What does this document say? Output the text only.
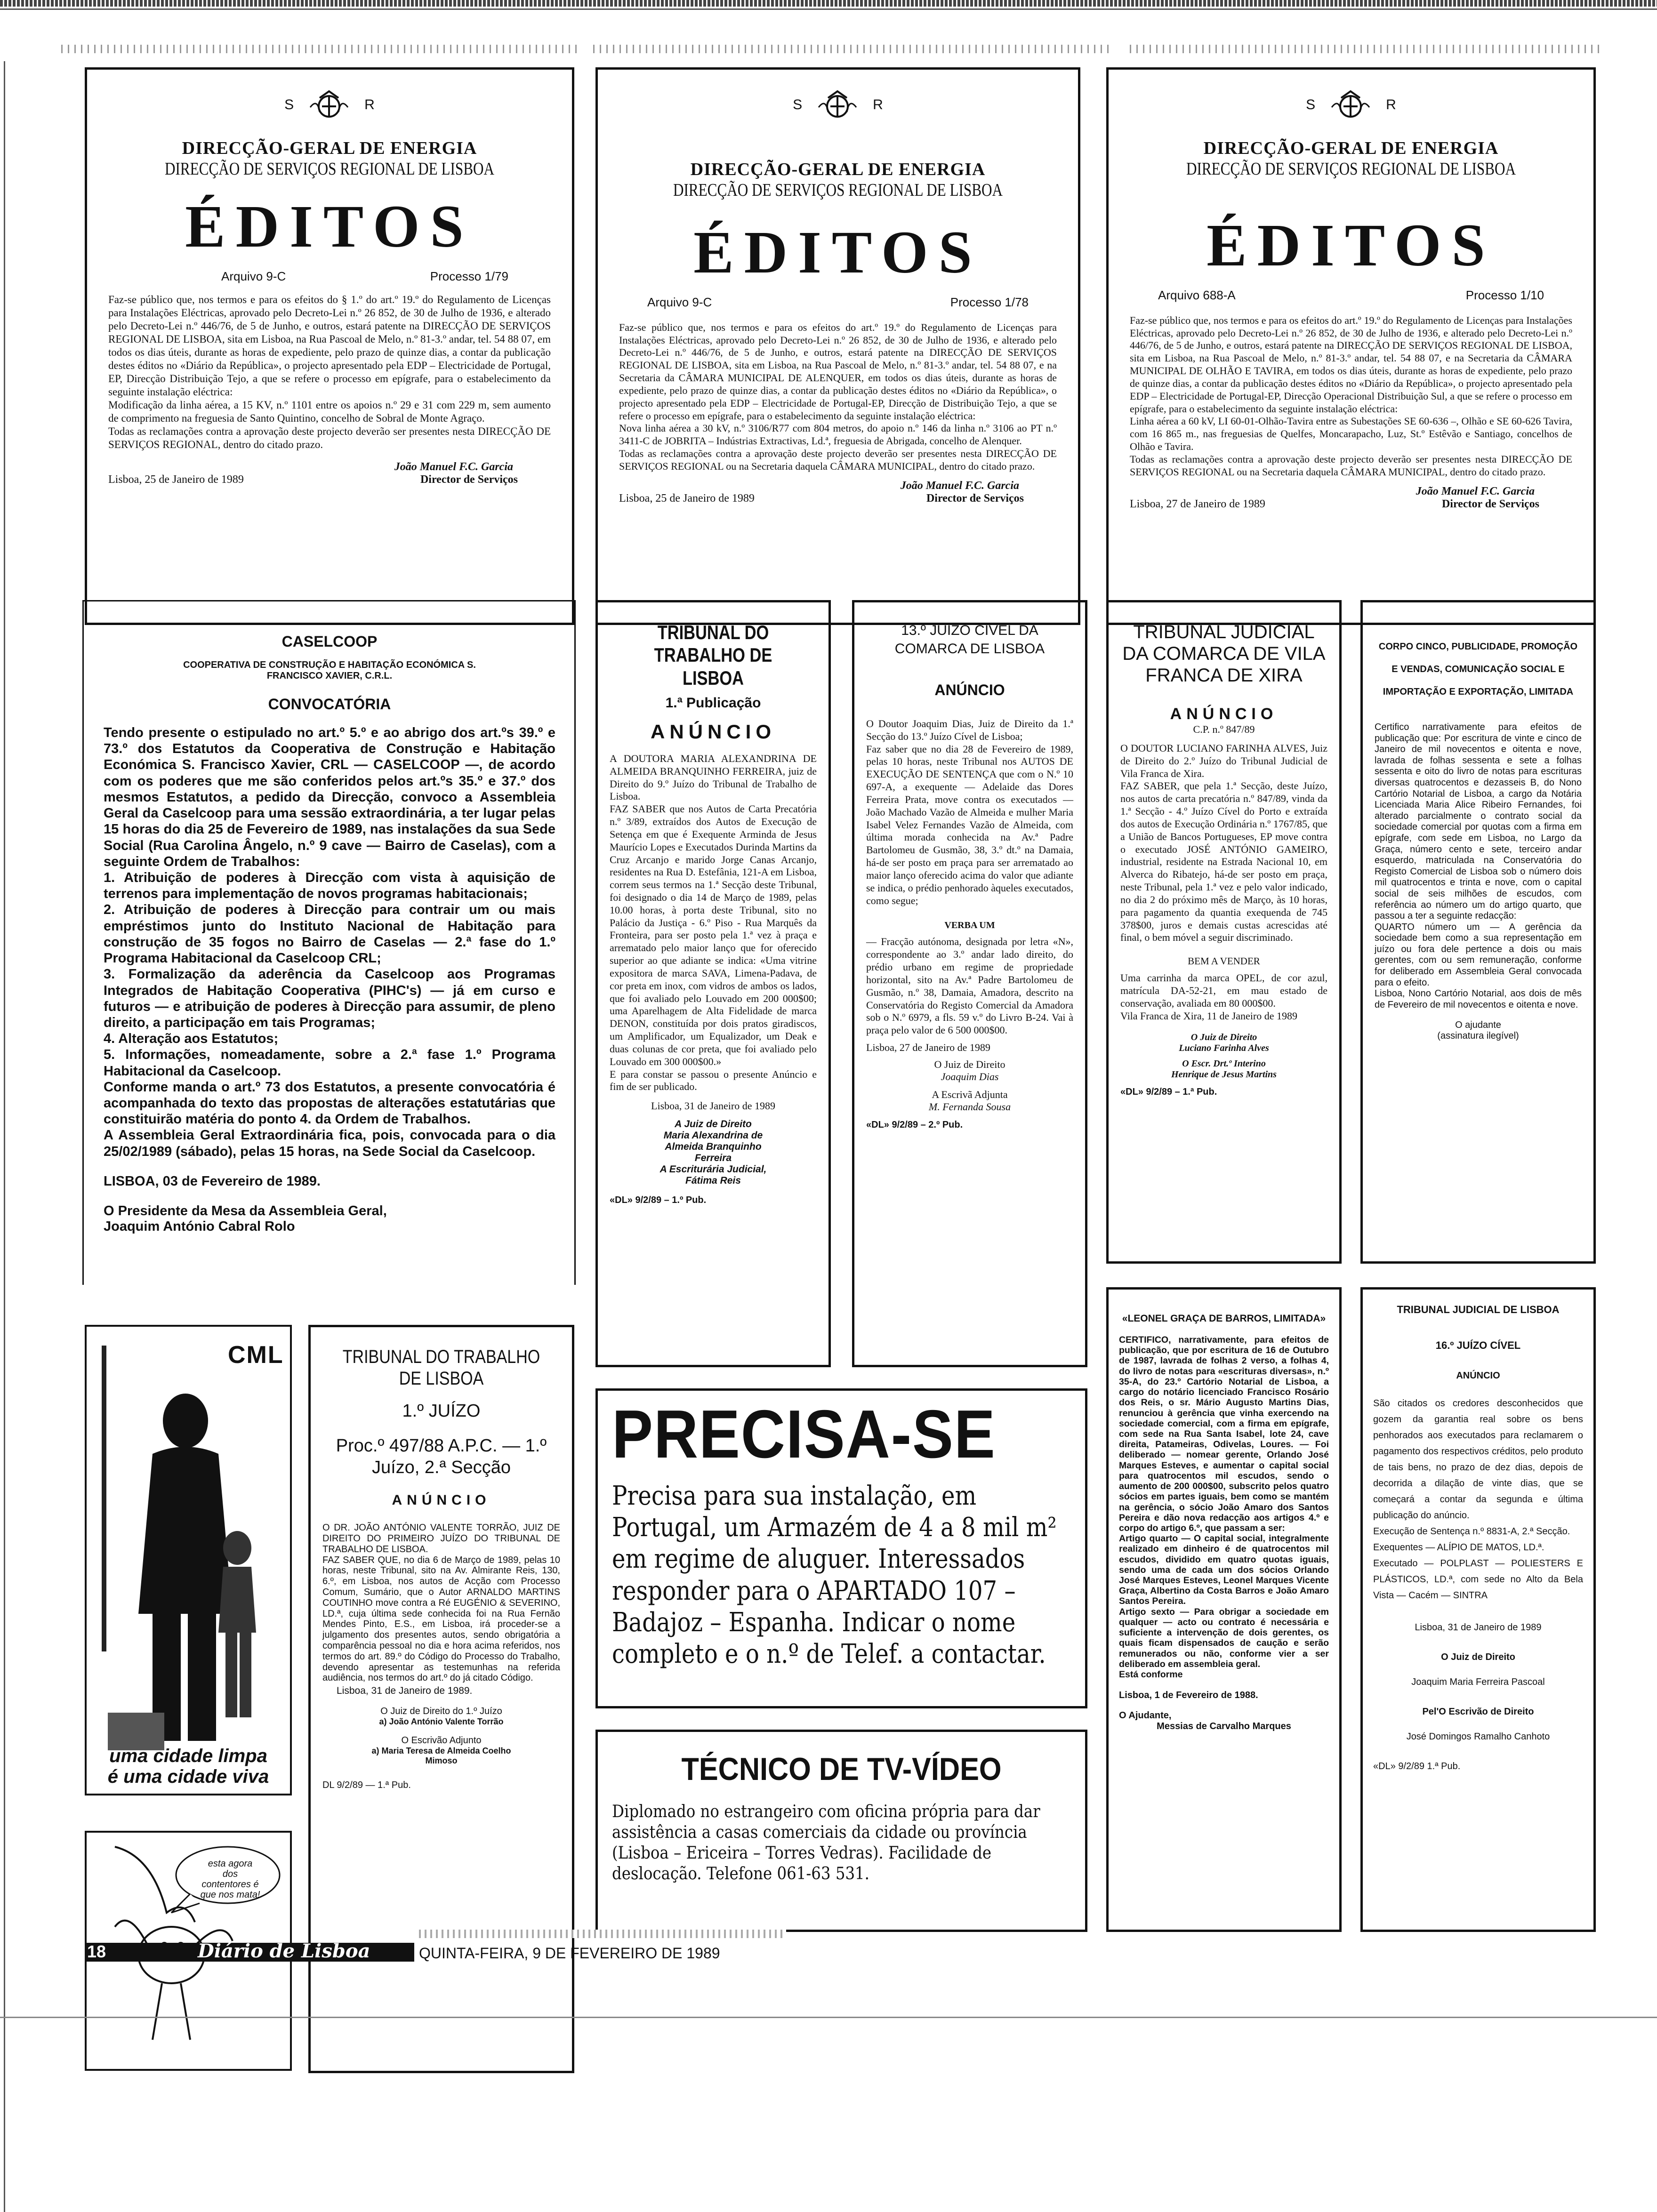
S	R
DIRECÇÃO-GERAL DE ENERGIA
DIRECÇÃO DE SERVIÇOS REGIONAL DE LISBOA
ÉDITOS
Arquivo 9-C	Processo 1/79
Faz-se público que, nos termos e para os efeitos do § 1.º do art.º 19.º do Regulamento de Licenças para Instalações Eléctricas, aprovado pelo Decreto-Lei n.º 26 852, de 30 de Julho de 1936, e alterado pelo Decreto-Lei n.º 446/76, de 5 de Junho, e outros, estará patente na DIRECÇÃO DE SERVIÇOS REGIONAL DE LISBOA, sita em Lisboa, na Rua Pascoal de Melo, n.º 81-3.º andar, tel. 54 88 07, em todos os dias úteis, durante as horas de expediente, pelo prazo de quinze dias, a contar da publicação destes éditos no «Diário da República», o projecto apresentado pela EDP – Electricidade de Portugal, EP, Direcção Distribuição Tejo, a que se refere o processo em epígrafe, para o estabelecimento da seguinte instalação eléctrica:
Modificação da linha aérea, a 15 KV, n.º 1101 entre os apoios n.º 29 e 31 com 229 m, sem aumento de comprimento na freguesia de Santo Quintino, concelho de Sobral de Monte Agraço.
Todas as reclamações contra a aprovação deste projecto deverão ser presentes nesta DIRECÇÃO DE SERVIÇOS REGIONAL, dentro do citado prazo.
João Manuel F.C. Garcia
Lisboa, 25 de Janeiro de 1989	Director de Serviços
S	R
DIRECÇÃO-GERAL DE ENERGIA
DIRECÇÃO DE SERVIÇOS REGIONAL DE LISBOA
ÉDITOS
Arquivo 9-C	Processo 1/78
Faz-se público que, nos termos e para os efeitos do art.º 19.º do Regulamento de Licenças para Instalações Eléctricas, aprovado pelo Decreto-Lei n.º 26 852, de 30 de Julho de 1936, e alterado pelo Decreto-Lei n.º 446/76, de 5 de Junho, e outros, estará patente na DIRECÇÃO DE SERVIÇOS REGIONAL DE LISBOA, sita em Lisboa, na Rua Pascoal de Melo, n.º 81-3.º andar, tel. 54 88 07, e na Secretaria da CÂMARA MUNICIPAL DE ALENQUER, em todos os dias úteis, durante as horas de expediente, pelo prazo de quinze dias, a contar da publicação destes éditos no «Diário da República», o projecto apresentado pela EDP – Electricidade de Portugal-EP, Direcção de Distribuição Tejo, a que se refere o processo em epígrafe, para o estabelecimento da seguinte instalação eléctrica:
Nova linha aérea a 30 kV, n.º 3106/R77 com 804 metros, do apoio n.º 146 da linha n.º 3106 ao PT n.º 3411-C de JOBRITA – Indústrias Extractivas, Ld.ª, freguesia de Abrigada, concelho de Alenquer.
Todas as reclamações contra a aprovação deste projecto deverão ser presentes nesta DIRECÇÃO DE SERVIÇOS REGIONAL ou na Secretaria daquela CÂMARA MUNICIPAL, dentro do citado prazo.
João Manuel F.C. Garcia
Lisboa, 25 de Janeiro de 1989	Director de Serviços
S	R
DIRECÇÃO-GERAL DE ENERGIA
DIRECÇÃO DE SERVIÇOS REGIONAL DE LISBOA
ÉDITOS
Arquivo 688-A	Processo 1/10
Faz-se público que, nos termos e para os efeitos do art.º 19.º do Regulamento de Licenças para Instalações Eléctricas, aprovado pelo Decreto-Lei n.º 26 852, de 30 de Julho de 1936, e alterado pelo Decreto-Lei n.º 446/76, de 5 de Junho, e outros, estará patente na DIRECÇÃO DE SERVIÇOS REGIONAL DE LISBOA, sita em Lisboa, na Rua Pascoal de Melo, n.º 81-3.º andar, tel. 54 88 07, e na Secretaria da CÂMARA MUNICIPAL DE OLHÃO E TAVIRA, em todos os dias úteis, durante as horas de expediente, pelo prazo de quinze dias, a contar da publicação destes éditos no «Diário da República», o projecto apresentado pela EDP – Electricidade de Portugal-EP, Direcção Operacional Distribuição Sul, a que se refere o processo em epígrafe, para o estabelecimento da seguinte instalação eléctrica:
Linha aérea a 60 kV, LI 60-01-Olhão-Tavira entre as Subestações SE 60-636 –, Olhão e SE 60-626 Tavira, com 16 865 m., nas freguesias de Quelfes, Moncarapacho, Luz, St.º Estêvão e Santiago, concelhos de Olhão e Tavira.
Todas as reclamações contra a aprovação deste projecto deverão ser presentes nesta DIRECÇÃO DE SERVIÇOS REGIONAL ou na Secretaria daquela CÂMARA MUNICIPAL, dentro do citado prazo.
João Manuel F.C. Garcia
Lisboa, 27 de Janeiro de 1989	Director de Serviços
CASELCOOP
COOPERATIVA DE CONSTRUÇÃO E HABITAÇÃO ECONÓMICA S. FRANCISCO XAVIER, C.R.L.
CONVOCATÓRIA
Tendo presente o estipulado no art.º 5.º e ao abrigo dos art.ºs 39.º e 73.º dos Estatutos da Cooperativa de Construção e Habitação Económica S. Francisco Xavier, CRL — CASELCOOP —, de acordo com os poderes que me são conferidos pelos art.ºs 35.º e 37.º dos mesmos Estatutos, a pedido da Direcção, convoco a Assembleia Geral da Caselcoop para uma sessão extraordinária, a ter lugar pelas 15 horas do dia 25 de Fevereiro de 1989, nas instalações da sua Sede Social (Rua Carolina Ângelo, n.º 9 cave — Bairro de Caselas), com a seguinte Ordem de Trabalhos:
1. Atribuição de poderes à Direcção com vista à aquisição de terrenos para implementação de novos programas habitacionais;
2. Atribuição de poderes à Direcção para contrair um ou mais empréstimos junto do Instituto Nacional de Habitação para construção de 35 fogos no Bairro de Caselas — 2.ª fase do 1.º Programa Habitacional da Caselcoop CRL;
3. Formalização da aderência da Caselcoop aos Programas Integrados de Habitação Cooperativa (PIHC's) — já em curso e futuros — e atribuição de poderes à Direcção para assumir, de pleno direito, a participação em tais Programas;
4. Alteração aos Estatutos;
5. Informações, nomeadamente, sobre a 2.ª fase 1.º Programa Habitacional da Caselcoop.
Conforme manda o art.º 73 dos Estatutos, a presente convocatória é acompanhada do texto das propostas de alterações estatutárias que constituirão matéria do ponto 4. da Ordem de Trabalhos.
A Assembleia Geral Extraordinária fica, pois, convocada para o dia 25/02/1989 (sábado), pelas 15 horas, na Sede Social da Caselcoop.
LISBOA, 03 de Fevereiro de 1989.
O Presidente da Mesa da Assembleia Geral,
Joaquim António Cabral Rolo
TRIBUNAL DO TRABALHO DE LISBOA
1.ª Publicação
ANÚNCIO
A DOUTORA MARIA ALEXANDRINA DE ALMEIDA BRANQUINHO FERREIRA, juiz de Direito do 9.º Juízo do Tribunal de Trabalho de Lisboa.
FAZ SABER que nos Autos de Carta Precatória n.º 3/89, extraídos dos Autos de Execução de Setença em que é Exequente Arminda de Jesus Maurício Lopes e Executados Durinda Martins da Cruz Arcanjo e marido Jorge Canas Arcanjo, residentes na Rua D. Estefânia, 121-A em Lisboa, correm seus termos na 1.ª Secção deste Tribunal, foi designado o dia 14 de Março de 1989, pelas 10.00 horas, à porta deste Tribunal, sito no Palácio da Justiça - 6.º Piso - Rua Marquês da Fronteira, para ser posto pela 1.ª vez à praça e arrematado pelo maior lanço que for oferecido superior ao que adiante se indica: «Uma vitrine expositora de marca SAVA, Limena-Padava, de cor preta em inox, com vidros de ambos os lados, que foi avaliado pelo Louvado em 200 000$00; uma Aparelhagem de Alta Fidelidade de marca DENON, constituída por dois pratos giradiscos, um Amplificador, um Equalizador, um Deak e duas colunas de cor preta, que foi avaliado pelo Louvado em 300 000$00.»
E para constar se passou o presente Anúncio e fim de ser publicado.
Lisboa, 31 de Janeiro de 1989
A Juiz de Direito
Maria Alexandrina de Almeida Branquinho Ferreira
A Escriturária Judicial,
Fátima Reis
«DL» 9/2/89 – 1.º Pub.
13.º JUÍZO CÍVEL DA COMARCA DE LISBOA
ANÚNCIO
O Doutor Joaquim Dias, Juiz de Direito da 1.ª Secção do 13.º Juízo Cível de Lisboa;
Faz saber que no dia 28 de Fevereiro de 1989, pelas 10 horas, neste Tribunal nos AUTOS DE EXECUÇÃO DE SENTENÇA que com o N.º 10 697-A, a exequente — Adelaide das Dores Ferreira Prata, move contra os executados — João Machado Vazão de Almeida e mulher Maria Isabel Velez Fernandes Vazão de Almeida, com última morada conhecida na Av.ª Padre Bartolomeu de Gusmão, 38, 3.º dt.º na Damaia, há-de ser posto em praça para ser arrematado ao maior lanço oferecido acima do valor que adiante se indica, o prédio penhorado àqueles executados, como segue;
VERBA UM
— Fracção autónoma, designada por letra «N», correspondente ao 3.º andar lado direito, do prédio urbano em regime de propriedade horizontal, sito na Av.ª Padre Bartolomeu de Gusmão, n.º 38, Damaia, Amadora, descrito na Conservatória do Registo Comercial da Amadora sob o N.º 6979, a fls. 59 v.º do Livro B-24. Vai à praça pelo valor de 6 500 000$00.
Lisboa, 27 de Janeiro de 1989
O Juiz de Direito
Joaquim Dias
A Escrivã Adjunta
M. Fernanda Sousa
«DL» 9/2/89 – 2.º Pub.
TRIBUNAL JUDICIAL DA COMARCA DE VILA FRANCA DE XIRA
ANÚNCIO
C.P. n.º 847/89
O DOUTOR LUCIANO FARINHA ALVES, Juiz de Direito do 2.º Juízo do Tribunal Judicial de Vila Franca de Xira.
FAZ SABER, que pela 1.ª Secção, deste Juízo, nos autos de carta precatória n.º 847/89, vinda da 1.ª Secção - 4.º Juízo Cível do Porto e extraída dos autos de Execução Ordinária n.º 1767/85, que a União de Bancos Portugueses, EP move contra o executado JOSÉ ANTÓNIO GAMEIRO, industrial, residente na Estrada Nacional 10, em Alverca do Ribatejo, há-de ser posto em praça, neste Tribunal, pela 1.ª vez e pelo valor indicado, no dia 2 do próximo mês de Março, às 10 horas, para pagamento da quantia exequenda de 745 378$00, juros e demais custas acrescidas até final, o bem móvel a seguir discriminado.
BEM A VENDER
Uma carrinha da marca OPEL, de cor azul, matrícula DA-52-21, em mau estado de conservação, avaliada em 80 000$00.
Vila Franca de Xira, 11 de Janeiro de 1989
O Juiz de Direito
Luciano Farinha Alves
O Escr. Drt.º Interino
Henrique de Jesus Martins
«DL» 9/2/89 – 1.ª Pub.
CORPO CINCO, PUBLICIDADE, PROMOÇÃO E VENDAS, COMUNICAÇÃO SOCIAL E IMPORTAÇÃO E EXPORTAÇÃO, LIMITADA
Certifico narrativamente para efeitos de publicação que: Por escritura de vinte e cinco de Janeiro de mil novecentos e oitenta e nove, lavrada de folhas sessenta e sete a folhas sessenta e oito do livro de notas para escrituras diversas quatrocentos e dezasseis B, do Nono Cartório Notarial de Lisboa, a cargo da Notária Licenciada Maria Alice Ribeiro Fernandes, foi alterado parcialmente o contrato social da sociedade comercial por quotas com a firma em epígrafe, com sede em Lisboa, no Largo da Graça, número cento e sete, terceiro andar esquerdo, matriculada na Conservatória do Registo Comercial de Lisboa sob o número dois mil quatrocentos e trinta e nove, com o capital social de seis milhões de escudos, com referência ao número um do artigo quarto, que passou a ter a seguinte redacção:
QUARTO número um — A gerência da sociedade bem como a sua representação em juízo ou fora dele pertence a dois ou mais gerentes, com ou sem remuneração, conforme for deliberado em Assembleia Geral convocada para o efeito.
Lisboa, Nono Cartório Notarial, aos dois de mês de Fevereiro de mil novecentos e oitenta e nove.
O ajudante
(assinatura ilegível)
CML
uma cidade limpa
é uma cidade viva
esta agora dos contentores é que nos mata!
TRIBUNAL DO TRABALHO DE LISBOA
1.º JUÍZO
Proc.º 497/88 A.P.C. — 1.º Juízo, 2.ª Secção
ANÚNCIO
O DR. JOÃO ANTÓNIO VALENTE TORRÃO, JUIZ DE DIREITO DO PRIMEIRO JUÍZO DO TRIBUNAL DE TRABALHO DE LISBOA.
FAZ SABER QUE, no dia 6 de Março de 1989, pelas 10 horas, neste Tribunal, sito na Av. Almirante Reis, 130, 6.º, em Lisboa, nos autos de Acção com Processo Comum, Sumário, que o Autor ARNALDO MARTINS COUTINHO move contra a Ré EUGÉNIO & SEVERINO, LD.ª, cuja última sede conhecida foi na Rua Fernão Mendes Pinto, E.S., em Lisboa, irá proceder-se a julgamento dos presentes autos, sendo obrigatória a comparência pessoal no dia e hora acima referidos, nos termos do art. 89.º do Código do Processo do Trabalho, devendo apresentar as testemunhas na referida audiência, nos termos do art.º do já citado Código.
Lisboa, 31 de Janeiro de 1989.
O Juiz de Direito do 1.º Juízo
a) João António Valente Torrão
O Escrivão Adjunto
a) Maria Teresa de Almeida Coelho Mimoso
DL 9/2/89 — 1.ª Pub.
PRECISA-SE
Precisa para sua instalação, em Portugal, um Armazém de 4 a 8 mil m² em regime de aluguer. Interessados responder para o APARTADO 107 – Badajoz – Espanha. Indicar o nome completo e o n.º de Telef. a contactar.
TÉCNICO DE TV-VÍDEO
Diplomado no estrangeiro com oficina própria para dar assistência a casas comerciais da cidade ou província (Lisboa – Ericeira – Torres Vedras). Facilidade de deslocação. Telefone 061-63 531.
«LEONEL GRAÇA DE BARROS, LIMITADA»
CERTIFICO, narrativamente, para efeitos de publicação, que por escritura de 16 de Outubro de 1987, lavrada de folhas 2 verso, a folhas 4, do livro de notas para «escrituras diversas», n.º 35-A, do 23.º Cartório Notarial de Lisboa, a cargo do notário licenciado Francisco Rosário dos Reis, o sr. Mário Augusto Martins Dias, renunciou à gerência que vinha exercendo na sociedade comercial, com a firma em epígrafe, com sede na Rua Santa Isabel, lote 24, cave direita, Patameiras, Odivelas, Loures. — Foi deliberado — nomear gerente, Orlando José Marques Esteves, e aumentar o capital social para quatrocentos mil escudos, sendo o aumento de 200 000$00, subscrito pelos quatro sócios em partes iguais, bem como se mantém na gerência, o sócio João Amaro dos Santos Pereira e dão nova redacção aos artigos 4.º e corpo do artigo 6.º, que passam a ser:
Artigo quarto — O capital social, integralmente realizado em dinheiro é de quatrocentos mil escudos, dividido em quatro quotas iguais, sendo uma de cada um dos sócios Orlando José Marques Esteves, Leonel Marques Vicente Graça, Albertino da Costa Barros e João Amaro Santos Pereira.
Artigo sexto — Para obrigar a sociedade em qualquer — acto ou contrato é necessária e suficiente a intervenção de dois gerentes, os quais ficam dispensados de caução e serão remunerados ou não, conforme vier a ser deliberado em assembleia geral.
Está conforme
Lisboa, 1 de Fevereiro de 1988.
O Ajudante,
Messias de Carvalho Marques
TRIBUNAL JUDICIAL DE LISBOA
16.º JUÍZO CÍVEL
ANÚNCIO
São citados os credores desconhecidos que gozem da garantia real sobre os bens penhorados aos executados para reclamarem o pagamento dos respectivos créditos, pelo produto de tais bens, no prazo de dez dias, depois de decorrida a dilação de vinte dias, que se começará a contar da segunda e última publicação do anúncio.
Execução de Sentença n.º 8831-A, 2.ª Secção.
Exequentes — ALÍPIO DE MATOS, LD.ª.
Executado — POLPLAST — POLIESTERS E PLÁSTICOS, LD.ª, com sede no Alto da Bela Vista — Cacém — SINTRA
Lisboa, 31 de Janeiro de 1989
O Juiz de Direito
Joaquim Maria Ferreira Pascoal
Pel'O Escrivão de Direito
José Domingos Ramalho Canhoto
«DL» 9/2/89 1.ª Pub.
18	Diário de Lisboa	QUINTA-FEIRA, 9 DE FEVEREIRO DE 1989
